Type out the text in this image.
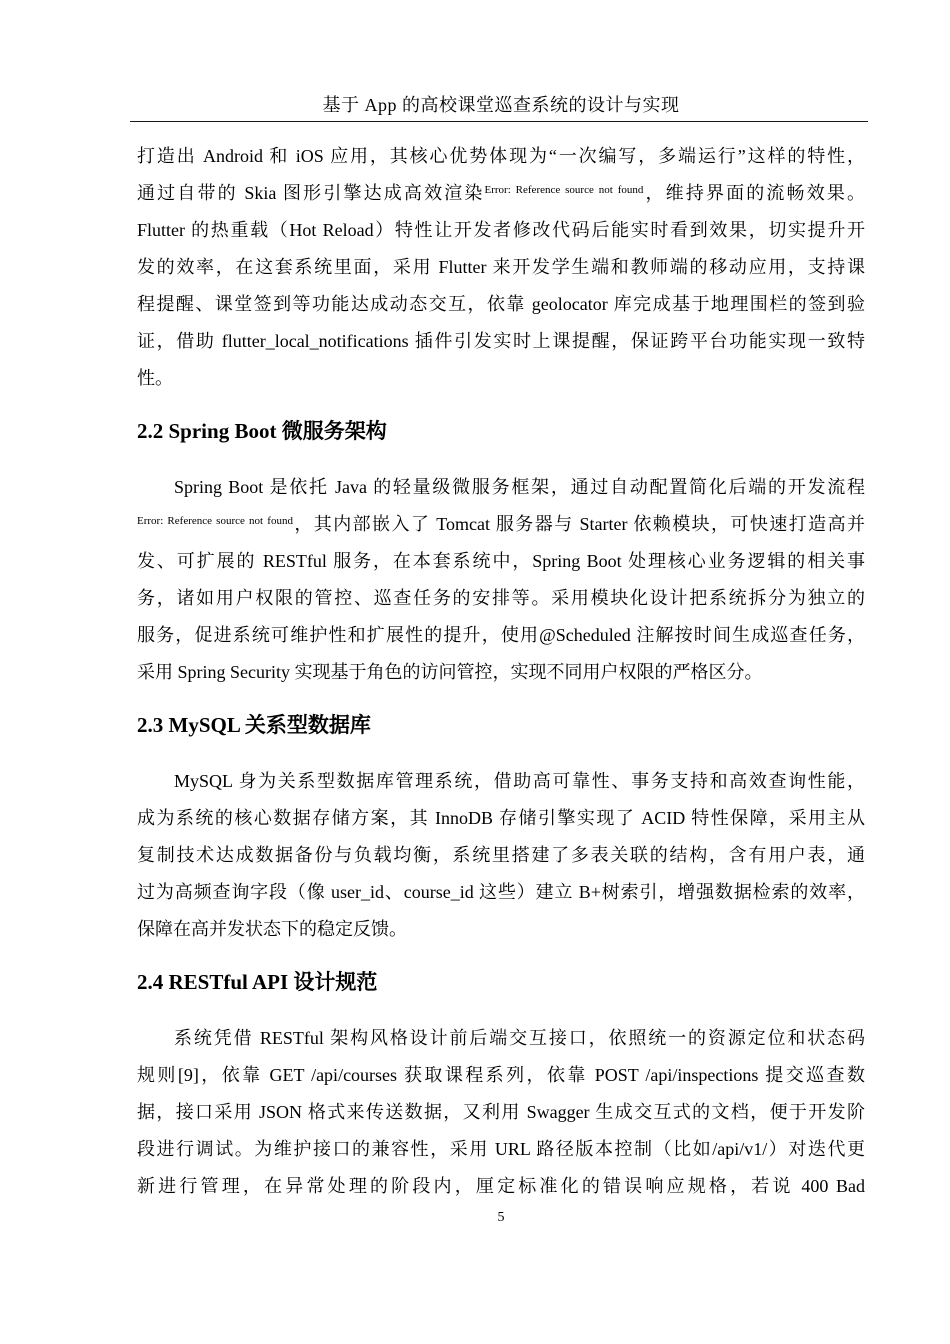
基于 App 的高校课堂巡查系统的设计与实现
打造出 Android 和 iOS 应用，其核心优势体现为“一次编写，多端运行”这样的特性，
通过自带的 Skia 图形引擎达成高效渲染$^{Error: Reference source not found}$，维持界面的流畅效果。
Flutter 的热重载（Hot Reload）特性让开发者修改代码后能实时看到效果，切实提升开
发的效率，在这套系统里面，采用 Flutter 来开发学生端和教师端的移动应用，支持课
程提醒、课堂签到等功能达成动态交互，依靠 geolocator 库完成基于地理围栏的签到验
证，借助 flutter_local_notifications 插件引发实时上课提醒，保证跨平台功能实现一致特
性。
2.2 Spring Boot 微服务架构
Spring Boot 是依托 Java 的轻量级微服务框架，通过自动配置简化后端的开发流程
$^{Error: Reference source not found}$，其内部嵌入了 Tomcat 服务器与 Starter 依赖模块，可快速打造高并
发、可扩展的 RESTful 服务，在本套系统中，Spring Boot 处理核心业务逻辑的相关事
务，诸如用户权限的管控、巡查任务的安排等。采用模块化设计把系统拆分为独立的
服务，促进系统可维护性和扩展性的提升，使用@Scheduled 注解按时间生成巡查任务，
采用 Spring Security 实现基于角色的访问管控，实现不同用户权限的严格区分。
2.3 MySQL 关系型数据库
MySQL 身为关系型数据库管理系统，借助高可靠性、事务支持和高效查询性能，
成为系统的核心数据存储方案，其 InnoDB 存储引擎实现了 ACID 特性保障，采用主从
复制技术达成数据备份与负载均衡，系统里搭建了多表关联的结构，含有用户表，通
过为高频查询字段（像 user_id、course_id 这些）建立 B+树索引，增强数据检索的效率，
保障在高并发状态下的稳定反馈。
2.4 RESTful API 设计规范
系统凭借 RESTful 架构风格设计前后端交互接口，依照统一的资源定位和状态码
规则[9]，依靠 GET /api/courses 获取课程系列，依靠 POST /api/inspections 提交巡查数
据，接口采用 JSON 格式来传送数据，又利用 Swagger 生成交互式的文档，便于开发阶
段进行调试。为维护接口的兼容性，采用 URL 路径版本控制（比如/api/v1/）对迭代更
新进行管理，在异常处理的阶段内，厘定标准化的错误响应规格，若说 400 Bad
5
